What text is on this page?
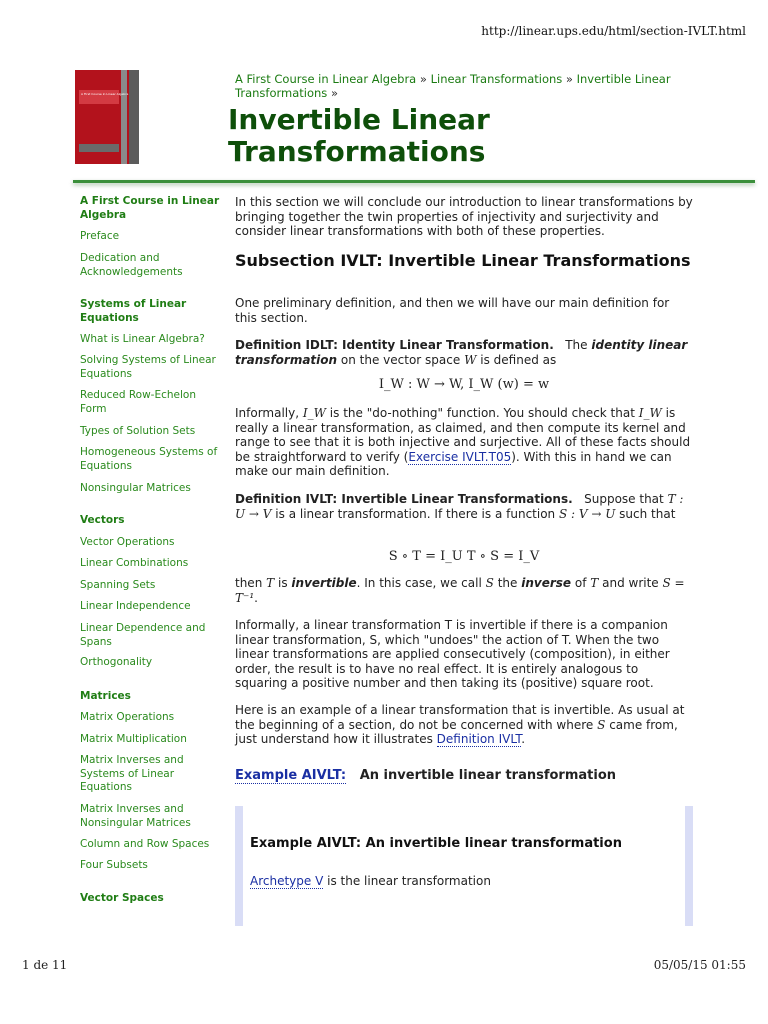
http://linear.ups.edu/html/section-IVLT.html
A First Course in Linear Algebra
A First Course in Linear Algebra » Linear Transformations » Invertible Linear Transformations »
Invertible Linear Transformations
A First Course in Linear Algebra
Preface
Dedication and Acknowledgements
Systems of Linear Equations
What is Linear Algebra?
Solving Systems of Linear Equations
Reduced Row-Echelon Form
Types of Solution Sets
Homogeneous Systems of Equations
Nonsingular Matrices
Vectors
Vector Operations
Linear Combinations
Spanning Sets
Linear Independence
Linear Dependence and Spans
Orthogonality
Matrices
Matrix Operations
Matrix Multiplication
Matrix Inverses and Systems of Linear Equations
Matrix Inverses and Nonsingular Matrices
Column and Row Spaces
Four Subsets
Vector Spaces

In this section we will conclude our introduction to linear transformations by bringing together the twin properties of injectivity and surjectivity and consider linear transformations with both of these properties.

Subsection IVLT: Invertible Linear Transformations

One preliminary definition, and then we will have our main definition for this section.

Definition IDLT: Identity Linear Transformation. The identity linear transformation on the vector space W is defined as

I_W : W → W, I_W (w) = w

Informally, I_W is the "do-nothing" function. You should check that I_W is really a linear transformation, as claimed, and then compute its kernel and range to see that it is both injective and surjective. All of these facts should be straightforward to verify (Exercise IVLT.T05). With this in hand we can make our main definition.

Definition IVLT: Invertible Linear Transformations. Suppose that T : U → V is a linear transformation. If there is a function S : V → U such that

S ∘ T = I_U T ∘ S = I_V

then T is invertible. In this case, we call S the inverse of T and write S = T⁻¹.

Informally, a linear transformation T is invertible if there is a companion linear transformation, S, which "undoes" the action of T. When the two linear transformations are applied consecutively (composition), in either order, the result is to have no real effect. It is entirely analogous to squaring a positive number and then taking its (positive) square root.

Here is an example of a linear transformation that is invertible. As usual at the beginning of a section, do not be concerned with where S came from, just understand how it illustrates Definition IVLT.

Example AIVLT: An invertible linear transformation
Example AIVLT: An invertible linear transformation
Archetype V is the linear transformation
1 de 11	05/05/15 01:55
